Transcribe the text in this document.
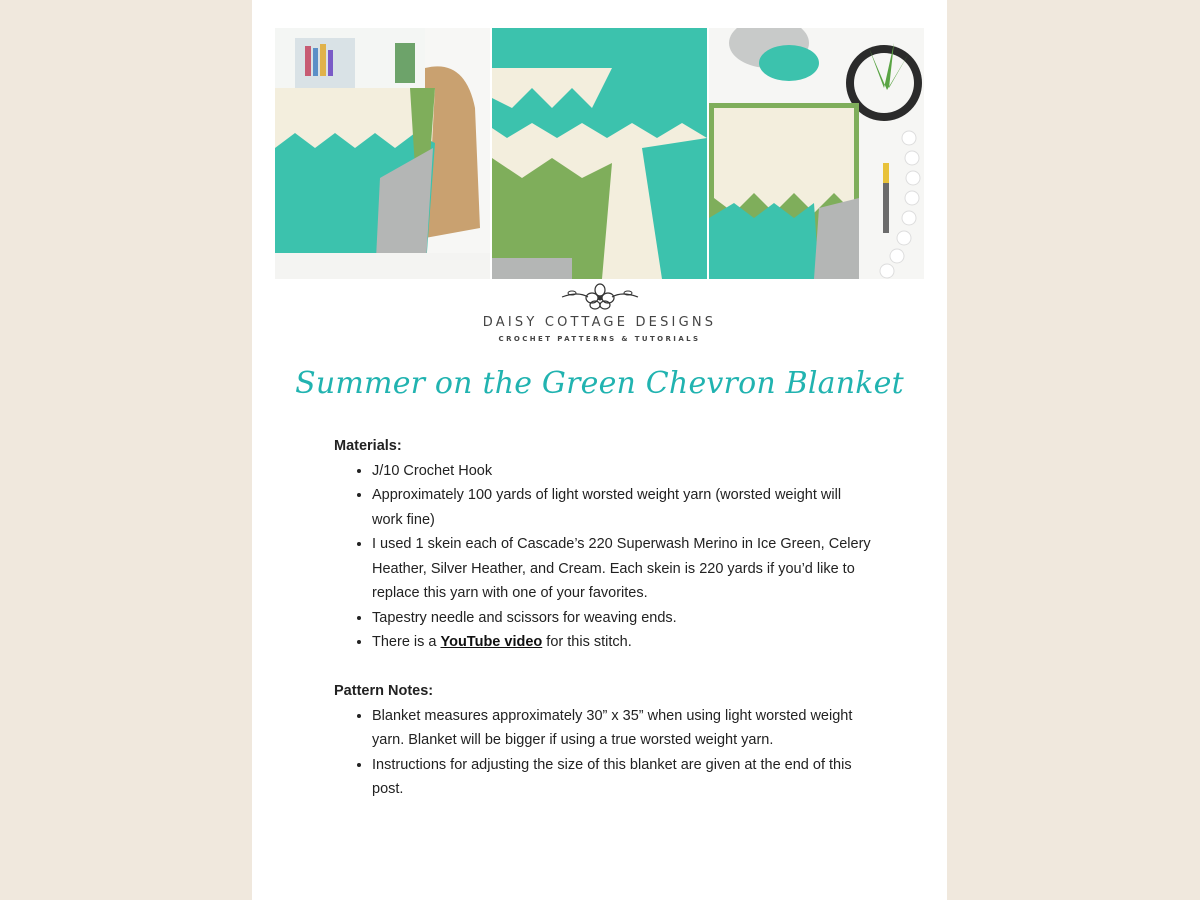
DAISY COTTAGE DESIGNS
CROCHET PATTERNS & TUTORIALS
Summer on the Green Chevron Blanket

Materials:

• J/10 Crochet Hook
• Approximately 100 yards of light worsted weight yarn (worsted weight will work fine)
• I used 1 skein each of Cascade’s 220 Superwash Merino in Ice Green, Celery Heather, Silver Heather, and Cream. Each skein is 220 yards if you’d like to replace this yarn with one of your favorites.
• Tapestry needle and scissors for weaving ends.
• There is a YouTube video for this stitch.

Pattern Notes:

• Blanket measures approximately 30” x 35” when using light worsted weight yarn. Blanket will be bigger if using a true worsted weight yarn.
• Instructions for adjusting the size of this blanket are given at the end of this post.
